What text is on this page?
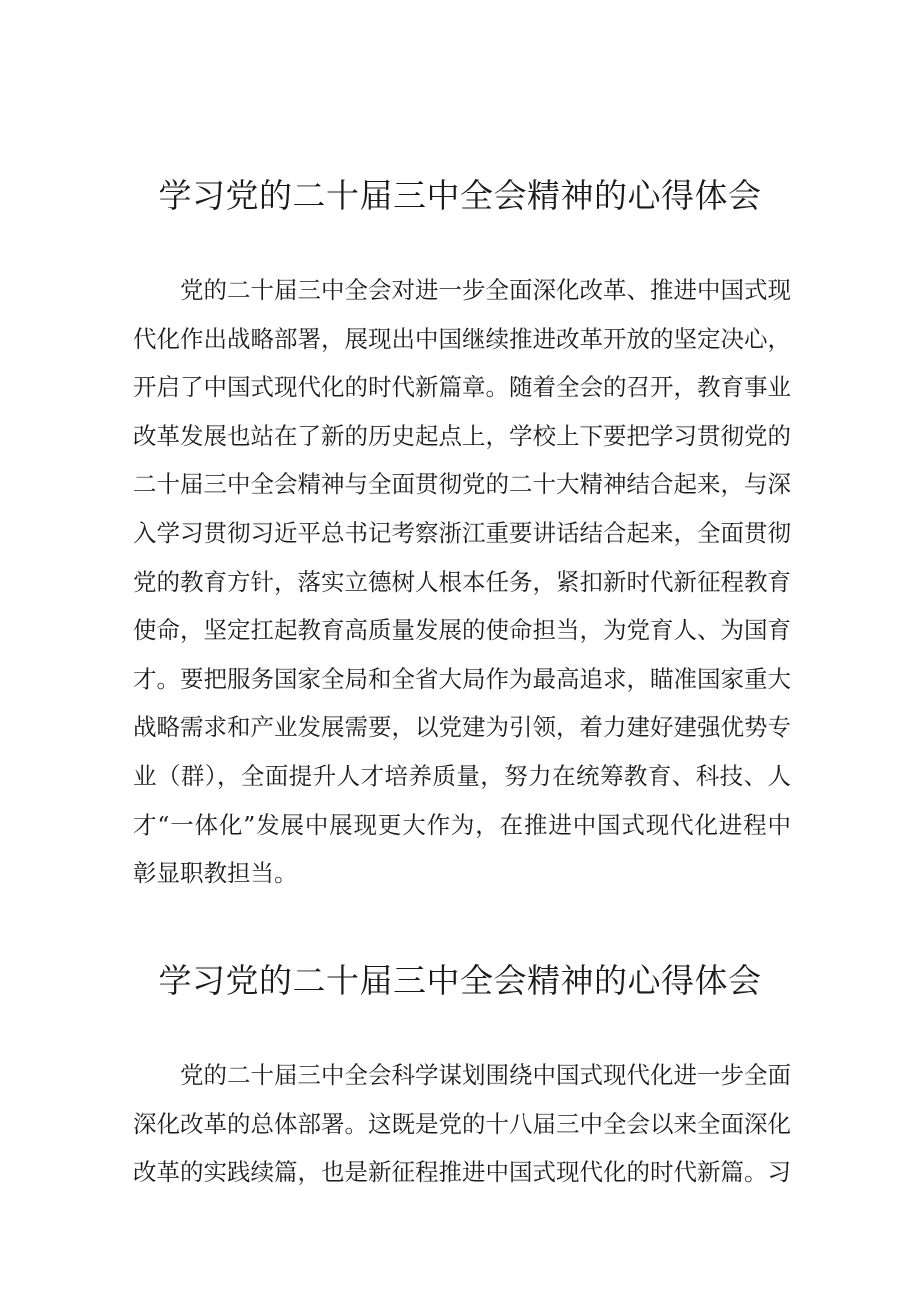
学习党的二十届三中全会精神的心得体会
党的二十届三中全会对进一步全面深化改革、推进中国式现
代化作出战略部署，展现出中国继续推进改革开放的坚定决心，
开启了中国式现代化的时代新篇章。随着全会的召开，教育事业
改革发展也站在了新的历史起点上，学校上下要把学习贯彻党的
二十届三中全会精神与全面贯彻党的二十大精神结合起来，与深
入学习贯彻习近平总书记考察浙江重要讲话结合起来，全面贯彻
党的教育方针，落实立德树人根本任务，紧扣新时代新征程教育
使命，坚定扛起教育高质量发展的使命担当，为党育人、为国育
才。要把服务国家全局和全省大局作为最高追求，瞄准国家重大
战略需求和产业发展需要，以党建为引领，着力建好建强优势专
业（群），全面提升人才培养质量，努力在统筹教育、科技、人
才“一体化”发展中展现更大作为，在推进中国式现代化进程中
彰显职教担当。
学习党的二十届三中全会精神的心得体会
党的二十届三中全会科学谋划围绕中国式现代化进一步全面
深化改革的总体部署。这既是党的十八届三中全会以来全面深化
改革的实践续篇，也是新征程推进中国式现代化的时代新篇。习
